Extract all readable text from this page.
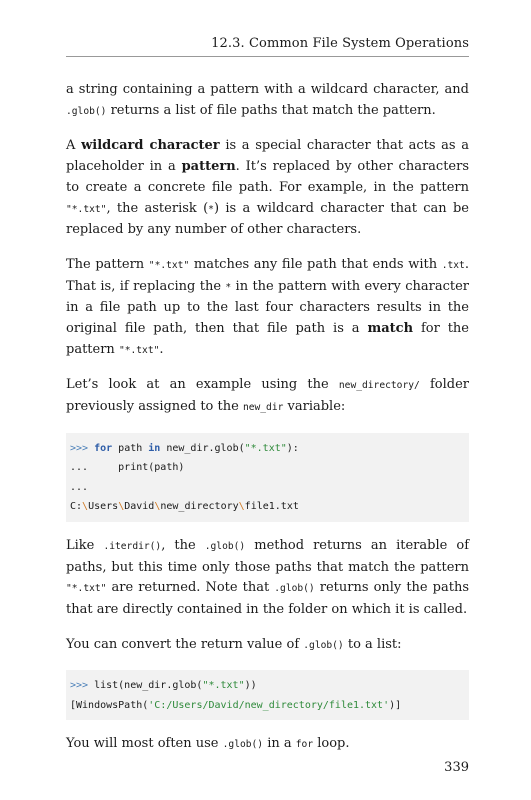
12.3. Common File System Operations

a string containing a pattern with a wildcard character, and .glob() returns a list of file paths that match the pattern.

A wildcard character is a special character that acts as a placeholder in a pattern. It’s replaced by other characters to create a concrete file path. For example, in the pattern "*.txt", the asterisk (*) is a wildcard character that can be replaced by any number of other characters.

The pattern "*.txt" matches any file path that ends with .txt. That is, if replacing the * in the pattern with every character in a file path up to the last four characters results in the original file path, then that file path is a match for the pattern "*.txt".

Let’s look at an example using the new_directory/ folder previously assigned to the new_dir variable:

>>> for path in new_dir.glob("*.txt"):
...     print(path)
...
C:\Users\David\new_directory\file1.txt

Like .iterdir(), the .glob() method returns an iterable of paths, but this time only those paths that match the pattern "*.txt" are returned. Note that .glob() returns only the paths that are directly contained in the folder on which it is called.

You can convert the return value of .glob() to a list:

>>> list(new_dir.glob("*.txt"))
[WindowsPath('C:/Users/David/new_directory/file1.txt')]

You will most often use .glob() in a for loop.

339
